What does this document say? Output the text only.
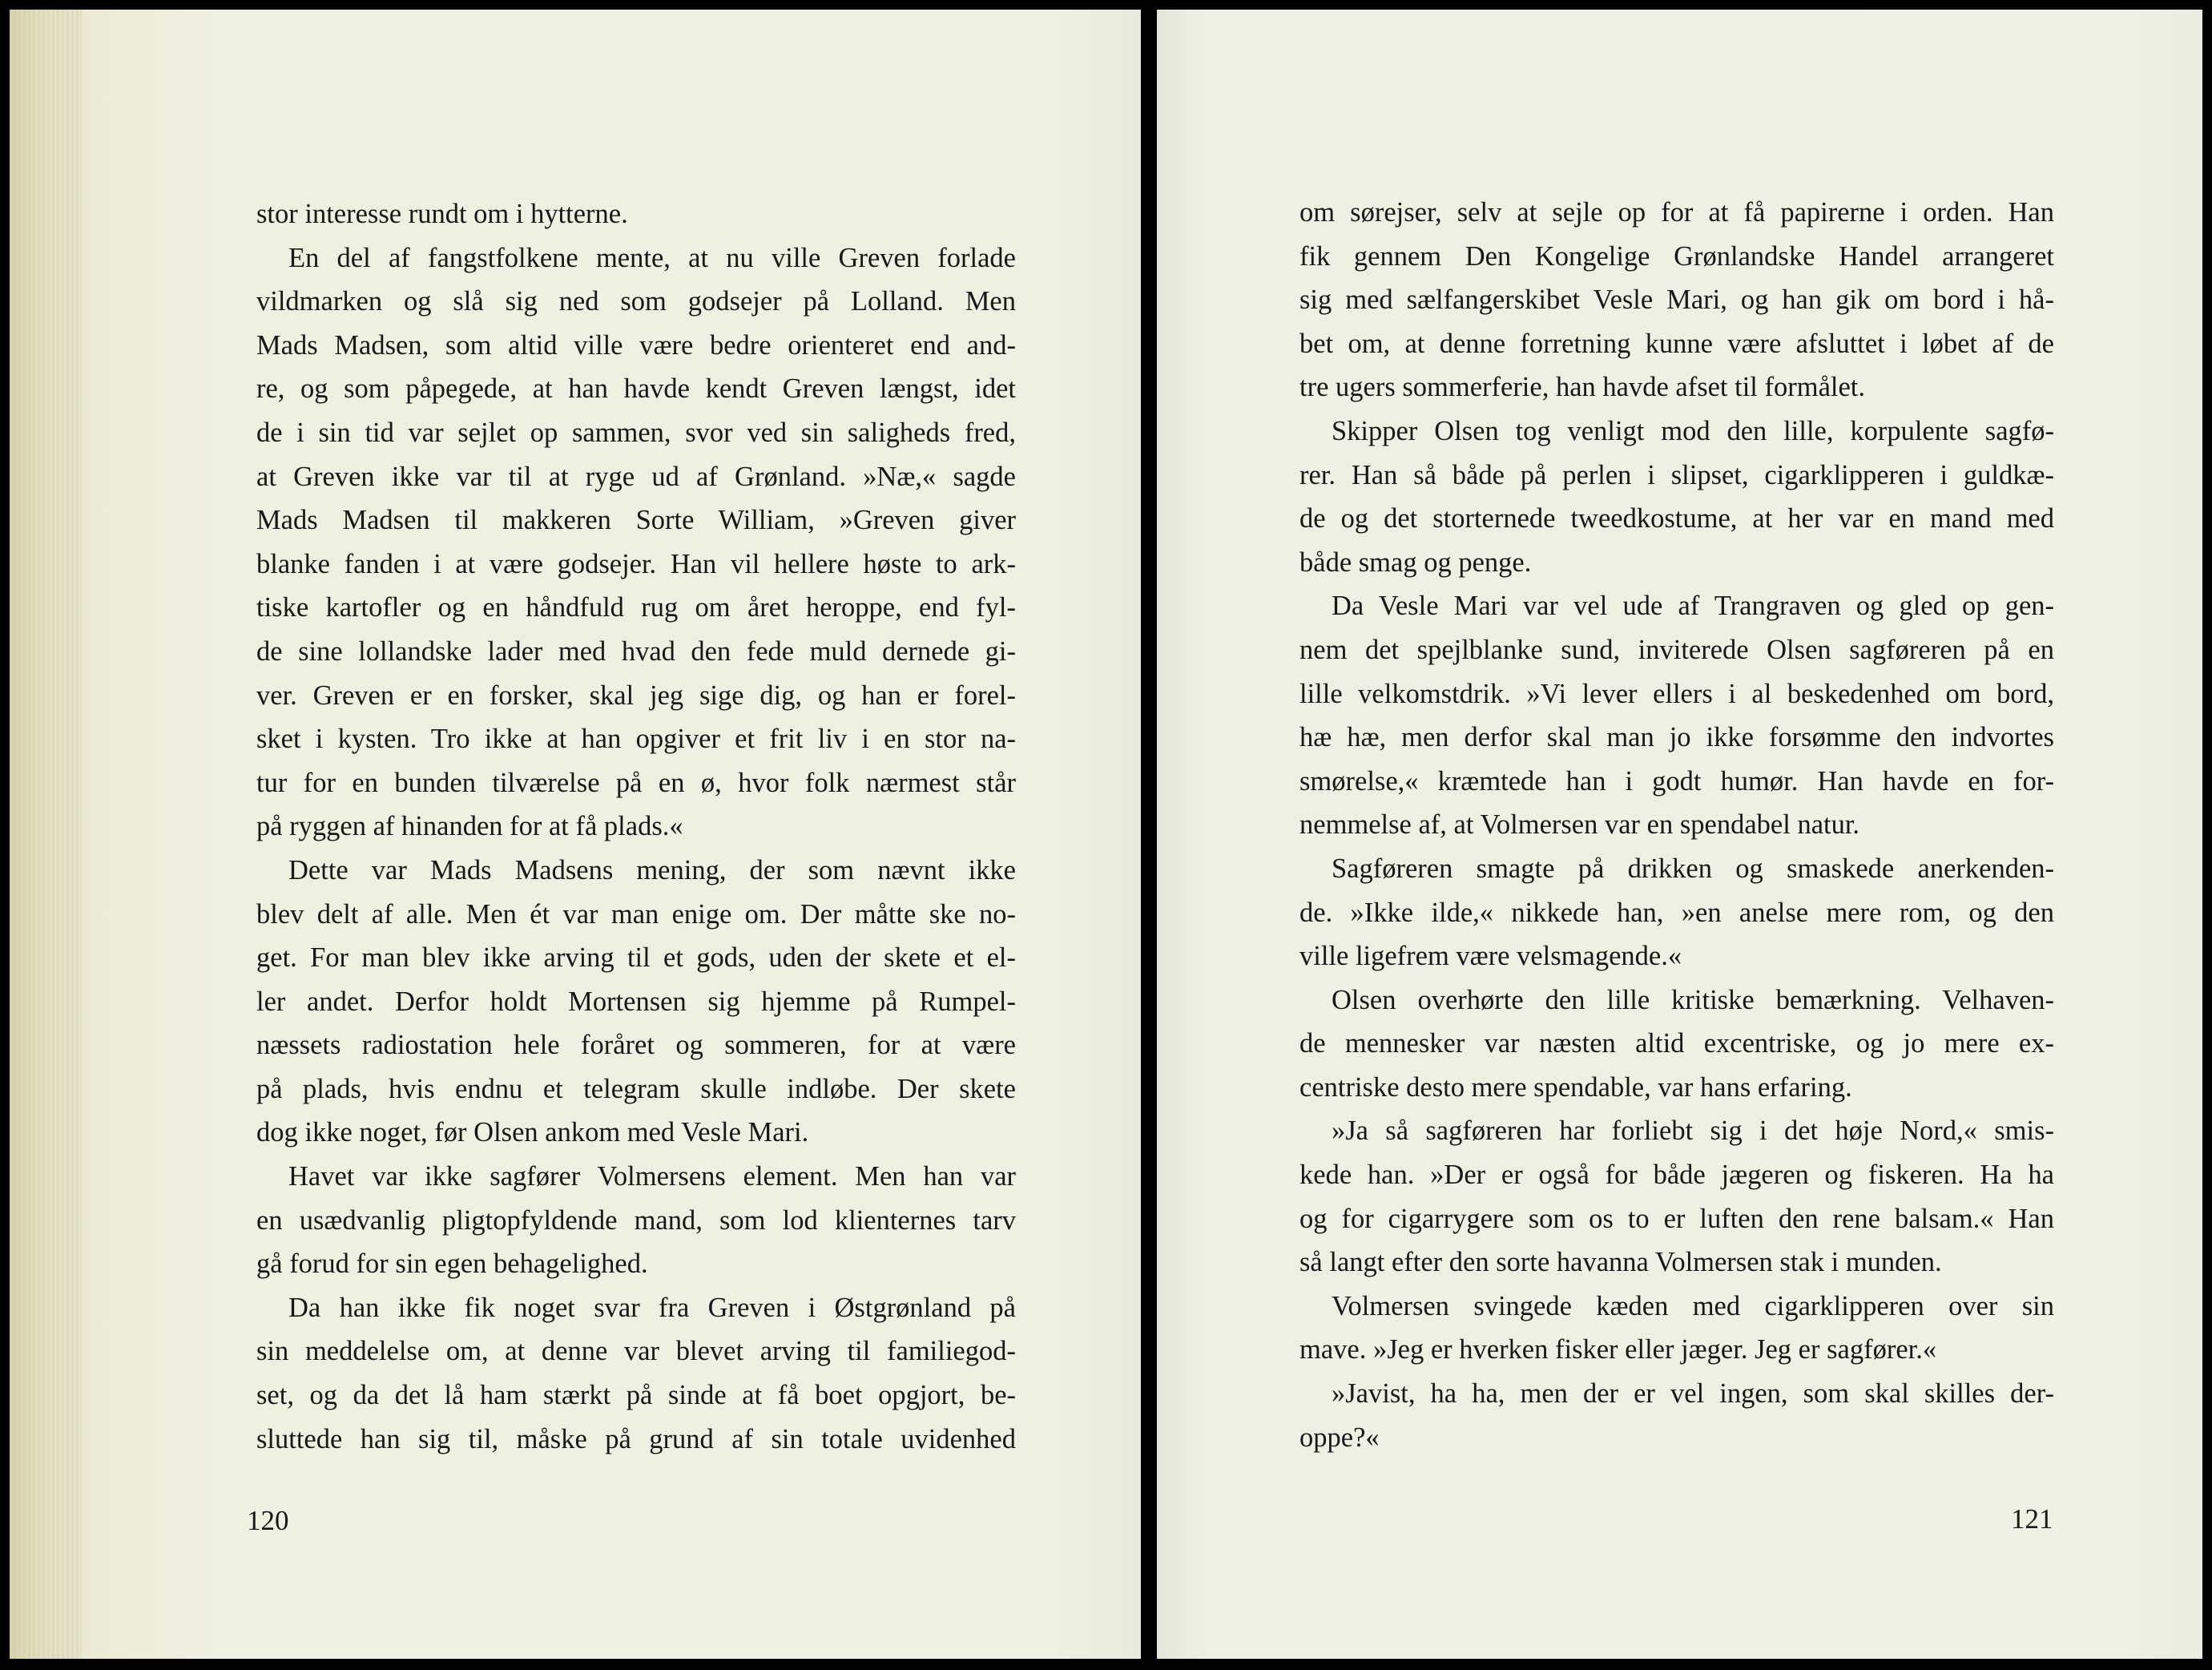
stor interesse rundt om i hytterne.
En del af fangstfolkene mente, at nu ville Greven forlade
vildmarken og slå sig ned som godsejer på Lolland. Men
Mads Madsen, som altid ville være bedre orienteret end and-
re, og som påpegede, at han havde kendt Greven længst, idet
de i sin tid var sejlet op sammen, svor ved sin saligheds fred,
at Greven ikke var til at ryge ud af Grønland. »Næ,« sagde
Mads Madsen til makkeren Sorte William, »Greven giver
blanke fanden i at være godsejer. Han vil hellere høste to ark-
tiske kartofler og en håndfuld rug om året heroppe, end fyl-
de sine lollandske lader med hvad den fede muld dernede gi-
ver. Greven er en forsker, skal jeg sige dig, og han er forel-
sket i kysten. Tro ikke at han opgiver et frit liv i en stor na-
tur for en bunden tilværelse på en ø, hvor folk nærmest står
på ryggen af hinanden for at få plads.«
Dette var Mads Madsens mening, der som nævnt ikke
blev delt af alle. Men ét var man enige om. Der måtte ske no-
get. For man blev ikke arving til et gods, uden der skete et el-
ler andet. Derfor holdt Mortensen sig hjemme på Rumpel-
næssets radiostation hele foråret og sommeren, for at være
på plads, hvis endnu et telegram skulle indløbe. Der skete
dog ikke noget, før Olsen ankom med Vesle Mari.
Havet var ikke sagfører Volmersens element. Men han var
en usædvanlig pligtopfyldende mand, som lod klienternes tarv
gå forud for sin egen behagelighed.
Da han ikke fik noget svar fra Greven i Østgrønland på
sin meddelelse om, at denne var blevet arving til familiegod-
set, og da det lå ham stærkt på sinde at få boet opgjort, be-
sluttede han sig til, måske på grund af sin totale uvidenhed
120
om sørejser, selv at sejle op for at få papirerne i orden. Han
fik gennem Den Kongelige Grønlandske Handel arrangeret
sig med sælfangerskibet Vesle Mari, og han gik om bord i hå-
bet om, at denne forretning kunne være afsluttet i løbet af de
tre ugers sommerferie, han havde afset til formålet.
Skipper Olsen tog venligt mod den lille, korpulente sagfø-
rer. Han så både på perlen i slipset, cigarklipperen i guldkæ-
de og det storternede tweedkostume, at her var en mand med
både smag og penge.
Da Vesle Mari var vel ude af Trangraven og gled op gen-
nem det spejlblanke sund, inviterede Olsen sagføreren på en
lille velkomstdrik. »Vi lever ellers i al beskedenhed om bord,
hæ hæ, men derfor skal man jo ikke forsømme den indvortes
smørelse,« kræmtede han i godt humør. Han havde en for-
nemmelse af, at Volmersen var en spendabel natur.
Sagføreren smagte på drikken og smaskede anerkenden-
de. »Ikke ilde,« nikkede han, »en anelse mere rom, og den
ville ligefrem være velsmagende.«
Olsen overhørte den lille kritiske bemærkning. Velhaven-
de mennesker var næsten altid excentriske, og jo mere ex-
centriske desto mere spendable, var hans erfaring.
»Ja så sagføreren har forliebt sig i det høje Nord,« smis-
kede han. »Der er også for både jægeren og fiskeren. Ha ha
og for cigarrygere som os to er luften den rene balsam.« Han
så langt efter den sorte havanna Volmersen stak i munden.
Volmersen svingede kæden med cigarklipperen over sin
mave. »Jeg er hverken fisker eller jæger. Jeg er sagfører.«
»Javist, ha ha, men der er vel ingen, som skal skilles der-
oppe?«
121
